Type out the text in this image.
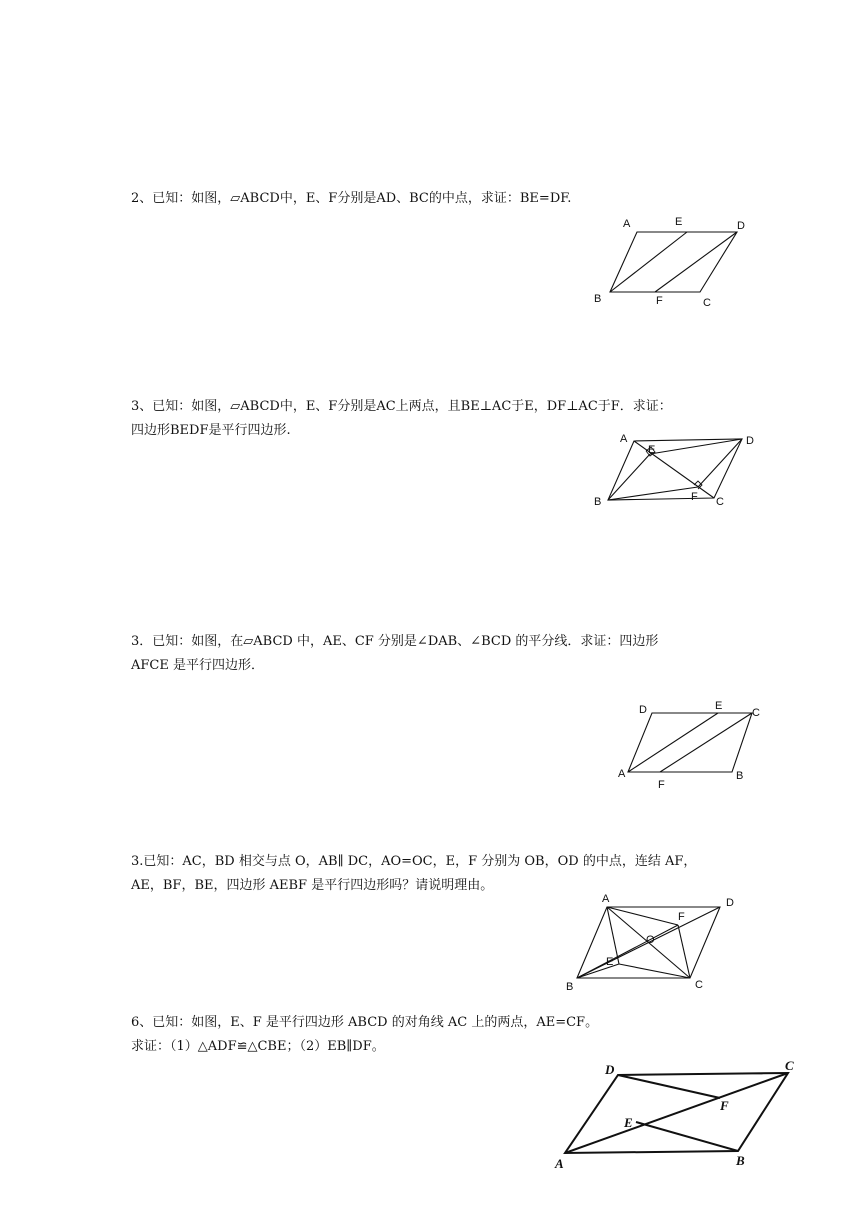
2、已知：如图，▱ABCD中，E、F分别是AD、BC的中点，求证：BE=DF.
A	E	D
B	F	C
3、已知：如图，▱ABCD中，E、F分别是AC上两点，且BE⊥AC于E，DF⊥AC于F．求证：
四边形BEDF是平行四边形.
A
E
D
B	F C
3．已知：如图，在▱ABCD 中，AE、CF 分别是∠DAB、∠BCD 的平分线．求证：四边形
AFCE 是平行四边形．
D	E
C
A
F
B
3.已知：AC，BD 相交与点 O，AB∥ DC，AO=OC，E，F 分别为 OB，OD 的中点，连结 AF，
AE，BF，BE，四边形 AEBF 是平行四边形吗？请说明理由。
A	D
F
O
E
B	C
6、已知：如图，E、F 是平行四边形 ABCD 的对角线 AC 上的两点，AE=CF。
求证：（1）△ADF≌△CBE；（2）EB∥DF。
D	C
F
E
A	B
